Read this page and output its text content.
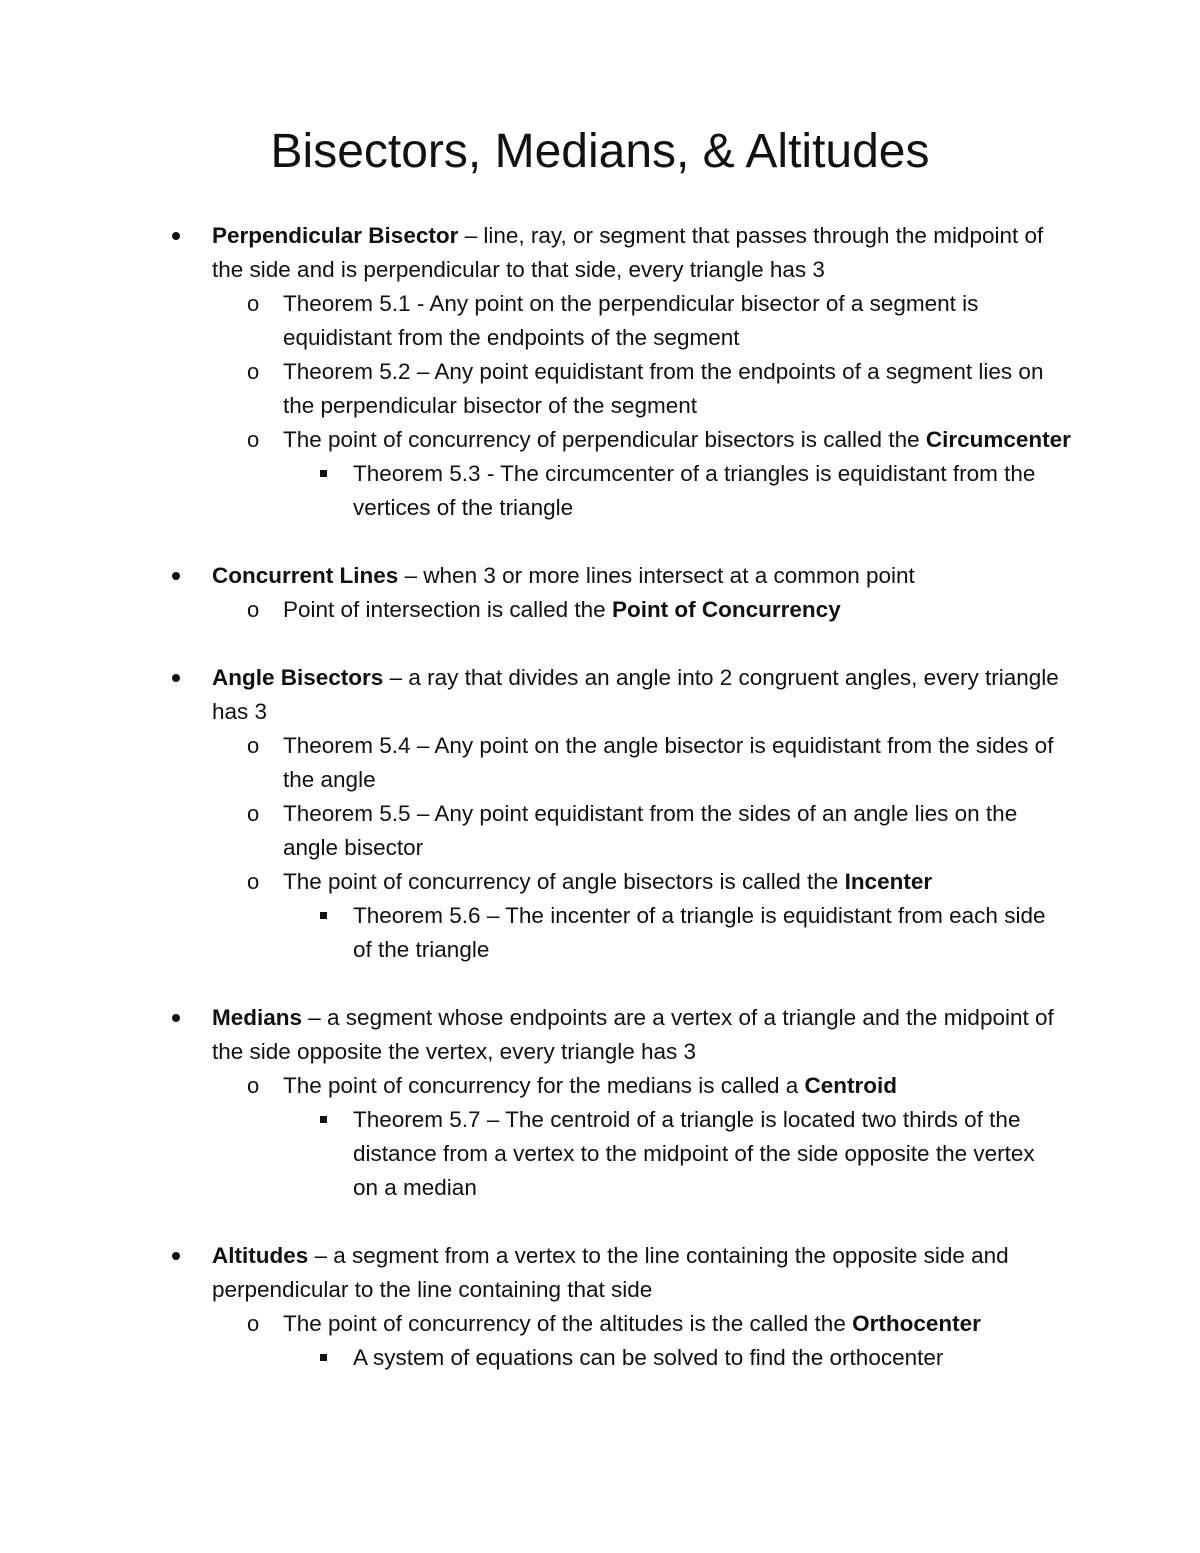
Bisectors, Medians, & Altitudes
Perpendicular Bisector – line, ray, or segment that passes through the midpoint of the side and is perpendicular to that side, every triangle has 3
o Theorem 5.1 - Any point on the perpendicular bisector of a segment is equidistant from the endpoints of the segment
o Theorem 5.2 – Any point equidistant from the endpoints of a segment lies on the perpendicular bisector of the segment
o The point of concurrency of perpendicular bisectors is called the Circumcenter
Theorem 5.3 - The circumcenter of a triangles is equidistant from the vertices of the triangle
Concurrent Lines – when 3 or more lines intersect at a common point
o Point of intersection is called the Point of Concurrency
Angle Bisectors – a ray that divides an angle into 2 congruent angles, every triangle has 3
o Theorem 5.4 – Any point on the angle bisector is equidistant from the sides of the angle
o Theorem 5.5 – Any point equidistant from the sides of an angle lies on the angle bisector
o The point of concurrency of angle bisectors is called the Incenter
Theorem 5.6 – The incenter of a triangle is equidistant from each side of the triangle
Medians – a segment whose endpoints are a vertex of a triangle and the midpoint of the side opposite the vertex, every triangle has 3
o The point of concurrency for the medians is called a Centroid
Theorem 5.7 – The centroid of a triangle is located two thirds of the distance from a vertex to the midpoint of the side opposite the vertex on a median
Altitudes – a segment from a vertex to the line containing the opposite side and perpendicular to the line containing that side
o The point of concurrency of the altitudes is the called the Orthocenter
A system of equations can be solved to find the orthocenter
